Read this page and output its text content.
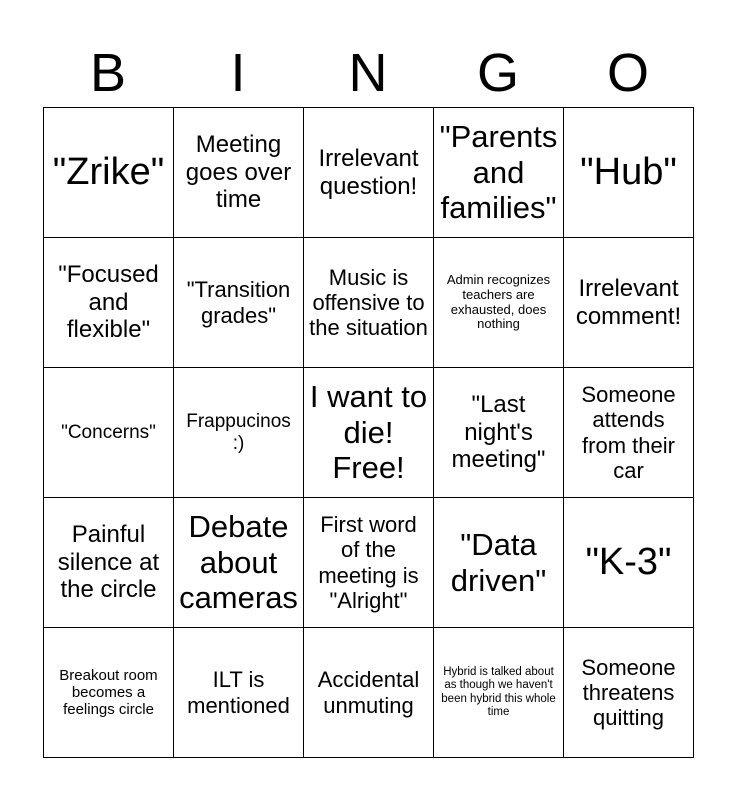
B	I	N	G	O
"Zrike"	Meeting goes over time	Irrelevant question!	"Parents and families"	"Hub"
"Focused and flexible"	"Transition grades"	Music is offensive to the situation	Admin recognizes teachers are exhausted, does nothing	Irrelevant comment!
"Concerns"	Frappucinos :)	I want to die! Free!	"Last night's meeting"	Someone attends from their car
Painful silence at the circle	Debate about cameras	First word of the meeting is "Alright"	"Data driven"	"K-3"
Breakout room becomes a feelings circle	ILT is mentioned	Accidental unmuting	Hybrid is talked about as though we haven't been hybrid this whole time	Someone threatens quitting
